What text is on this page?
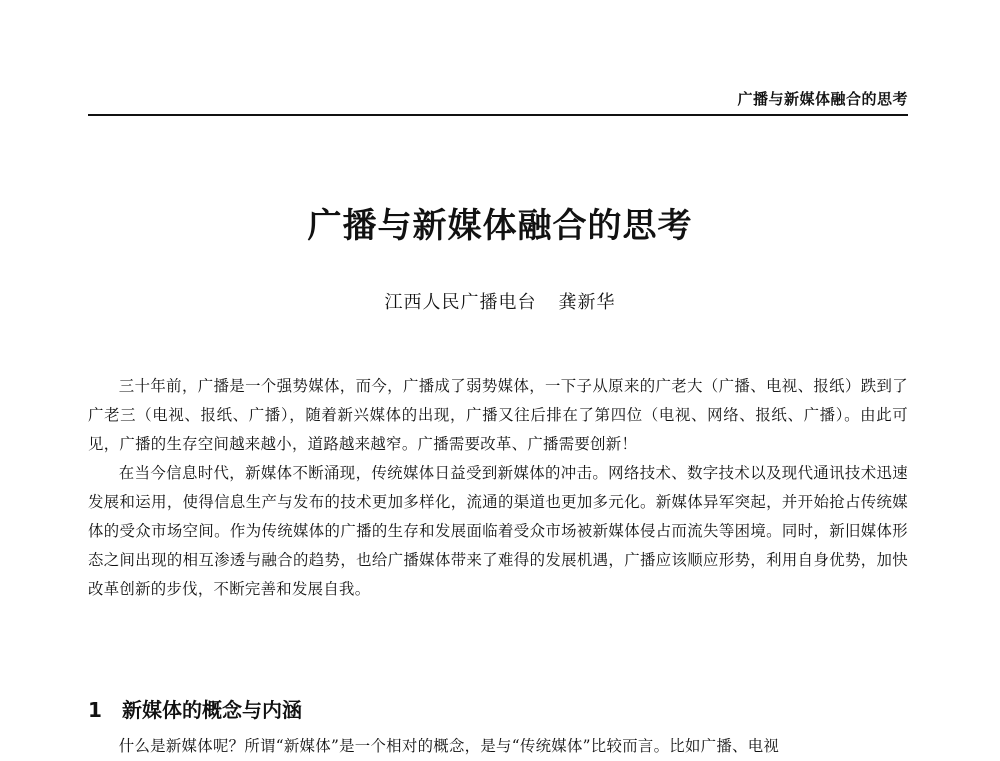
广播与新媒体融合的思考
广播与新媒体融合的思考
江西人民广播电台 龚新华

三十年前，广播是一个强势媒体，而今，广播成了弱势媒体，一下子从原来的广老大（广播、电视、报纸）跌到了广老三（电视、报纸、广播），随着新兴媒体的出现，广播又往后排在了第四位（电视、网络、报纸、广播）。由此可见，广播的生存空间越来越小，道路越来越窄。广播需要改革、广播需要创新！

在当今信息时代，新媒体不断涌现，传统媒体日益受到新媒体的冲击。网络技术、数字技术以及现代通讯技术迅速发展和运用，使得信息生产与发布的技术更加多样化，流通的渠道也更加多元化。新媒体异军突起，并开始抢占传统媒体的受众市场空间。作为传统媒体的广播的生存和发展面临着受众市场被新媒体侵占而流失等困境。同时，新旧媒体形态之间出现的相互渗透与融合的趋势，也给广播媒体带来了难得的发展机遇，广播应该顺应形势，利用自身优势，加快改革创新的步伐，不断完善和发展自我。

1 新媒体的概念与内涵

什么是新媒体呢？所谓“新媒体”是一个相对的概念，是与“传统媒体”比较而言。比如广播、电视
